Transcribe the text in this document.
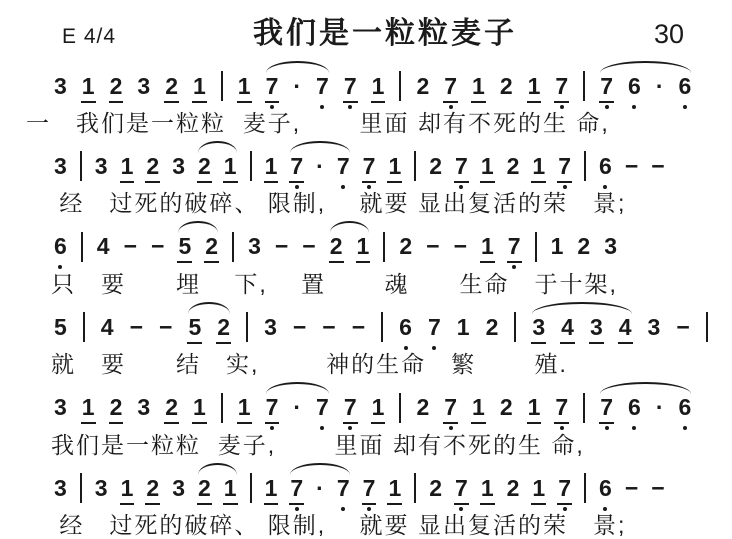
E 4/4	我们是一粒粒麦子	30
3 1 2 3 2 1 1 7 · 7 7 1 2 7 1 2 1 7 7 6 · 6
一　我们是一粒粒  麦子,　　 里面 却有不死的生 命,
3 3 1 2 3 2 1 1 7 · 7 7 1 2 7 1 2 1 7 6 − −
　 经　过死的破碎、 限制,　 就要 显出复活的荣　景;
6 4 − − 5 2 3 − − 2 1 2 − − 1 7 1 2 3
　只　要　　埋　 下,　 置　　 魂　　生命　于十架,
5 4 − − 5 2 3 − − − 6 7 1 2 3 4 3 4 3 −
　就　要　　结　实,　　  神的生命　繁　　 殖.
3 1 2 3 2 1 1 7 · 7 7 1 2 7 1 2 1 7 7 6 · 6
　我们是一粒粒  麦子,　　 里面 却有不死的生 命,
3 3 1 2 3 2 1 1 7 · 7 7 1 2 7 1 2 1 7 6 − −
　 经　过死的破碎、 限制,　 就要 显出复活的荣　景;
